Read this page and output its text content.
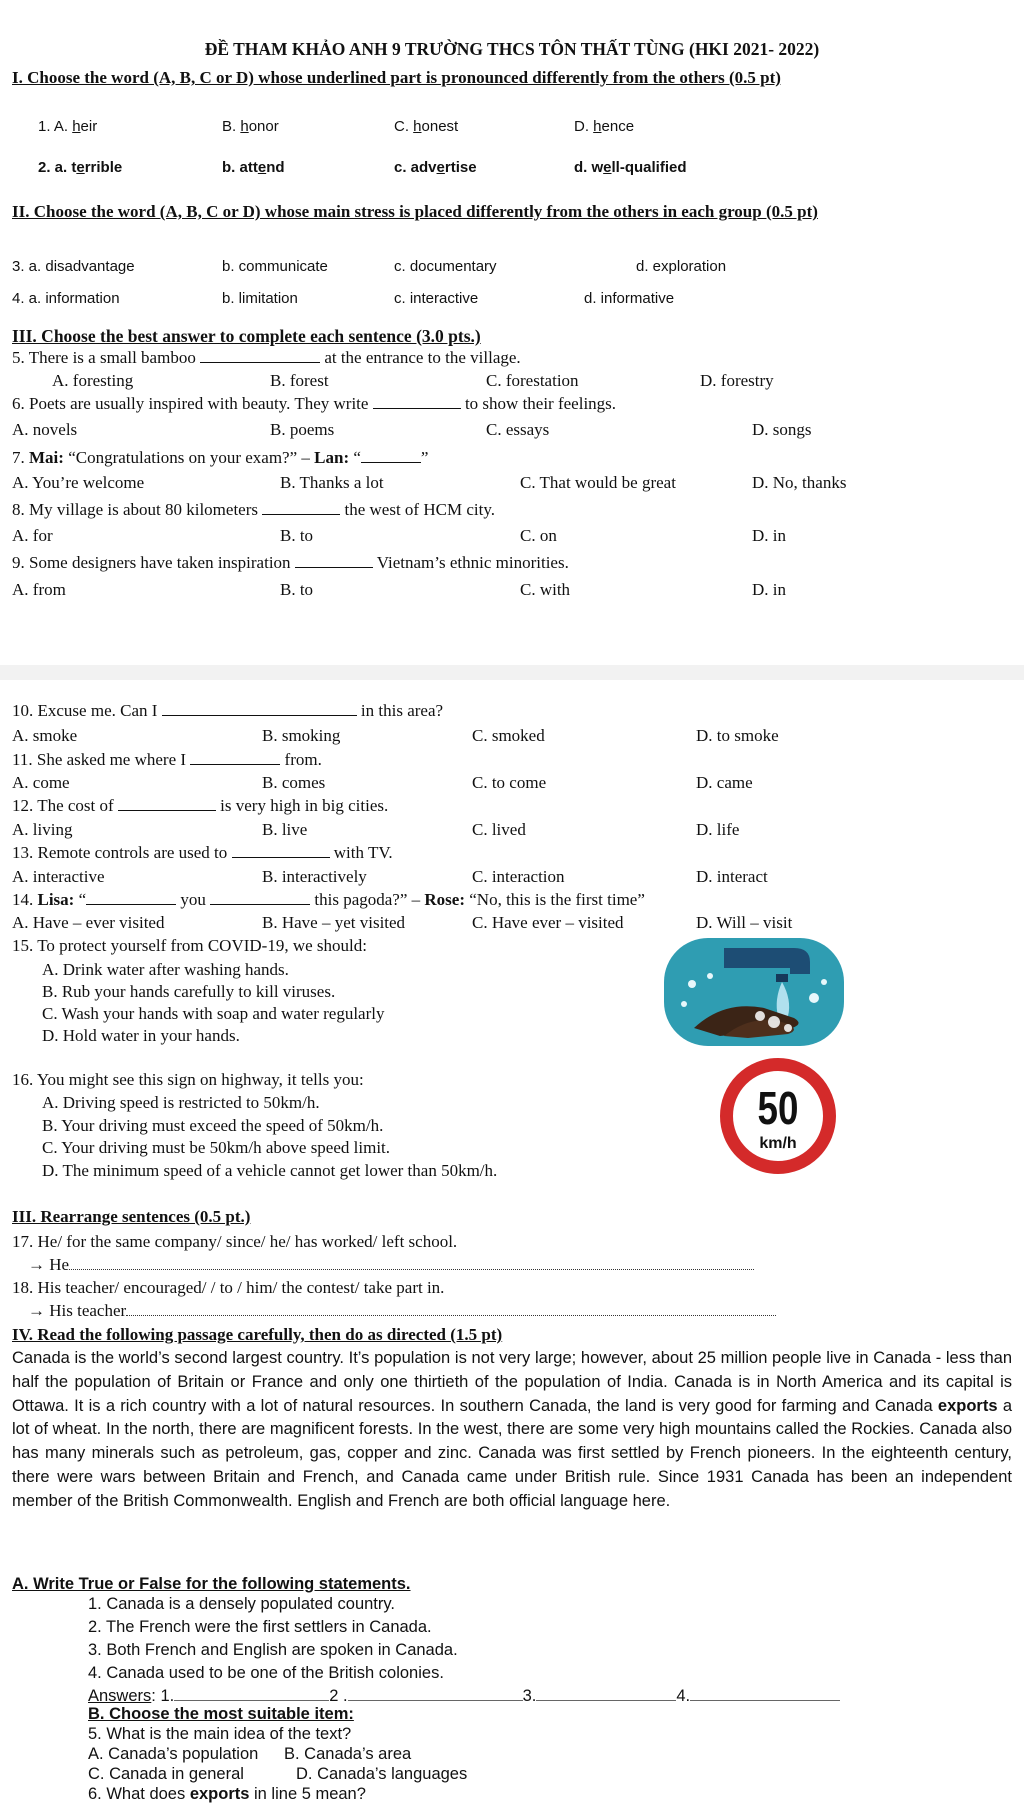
ĐỀ THAM KHẢO ANH 9 TRƯỜNG THCS TÔN THẤT TÙNG (HKI 2021- 2022)
I. Choose the word (A, B, C or D) whose underlined part is pronounced differently from the others (0.5 pt)
1. A. heir	B. honor	C. honest	D. hence
2. a. terrible	b. attend	c. advertise	d. well-qualified
II. Choose the word (A, B, C or D) whose main stress is placed differently from the others in each group (0.5 pt)
3. a. disadvantage	b. communicate	c. documentary	d. exploration
4. a. information	b. limitation	c. interactive	d. informative
III. Choose the best answer to complete each sentence (3.0 pts.)
5. There is a small bamboo	at the entrance to the village.
A. foresting	B. forest	C. forestation	D. forestry
6. Poets are usually inspired with beauty. They write	to show their feelings.
A. novels	B. poems	C. essays	D. songs
7. Mai: “Congratulations on your exam?” – Lan: “	”
A. You’re welcome	B. Thanks a lot	C. That would be great	D. No, thanks
8. My village is about 80 kilometers	the west of HCM city.
A. for	B. to	C. on	D. in
9. Some designers have taken inspiration	Vietnam’s ethnic minorities.
A. from	B. to	C. with	D. in
10. Excuse me. Can I	in this area?
A. smoke	B. smoking	C. smoked	D. to smoke
11. She asked me where I	from.
A. come	B. comes	C. to come	D. came
12. The cost of	is very high in big cities.
A. living	B. live	C. lived	D. life
13. Remote controls are used to	with TV.
A. interactive	B. interactively	C. interaction	D. interact
14. Lisa: “	you	this pagoda?” – Rose: “No, this is the first time”
A. Have – ever visited	B. Have – yet visited	C. Have ever – visited	D. Will – visit
15. To protect yourself from COVID-19, we should:
A. Drink water after washing hands.
B. Rub your hands carefully to kill viruses.
C. Wash your hands with soap and water regularly
D. Hold water in your hands.
16. You might see this sign on highway, it tells you:
A. Driving speed is restricted to 50km/h.
B. Your driving must exceed the speed of 50km/h.
C. Your driving must be 50km/h above speed limit.
D. The minimum speed of a vehicle cannot get lower than 50km/h.
50
km/h
III. Rearrange sentences (0.5 pt.)
17. He/ for the same company/ since/ he/ has worked/ left school.
→ He
18. His teacher/ encouraged/ / to / him/ the contest/ take part in.
→ His teacher
IV. Read the following passage carefully, then do as directed (1.5 pt)
Canada is the world’s second largest country. It’s population is not very large; however, about 25 million people live in Canada - less than half the population of Britain or France and only one thirtieth of the population of India. Canada is in North America and its capital is Ottawa. It is a rich country with a lot of natural resources. In southern Canada, the land is very good for farming and Canada exports a lot of wheat. In the north, there are magnificent forests. In the west, there are some very high mountains called the Rockies. Canada also has many minerals such as petroleum, gas, copper and zinc. Canada was first settled by French pioneers. In the eighteenth century, there were wars between Britain and French, and Canada came under British rule. Since 1931 Canada has been an independent member of the British Commonwealth. English and French are both official language here.
A. Write True or False for the following statements.
1. Canada is a densely populated country.
2. The French were the first settlers in Canada.
3. Both French and English are spoken in Canada.
4. Canada used to be one of the British colonies.
Answers: 1.	2 .	3.	4.
B. Choose the most suitable item:
5. What is the main idea of the text?
A. Canada’s population B. Canada’s area
C. Canada in general	D. Canada’s languages
6. What does exports in line 5 mean?
